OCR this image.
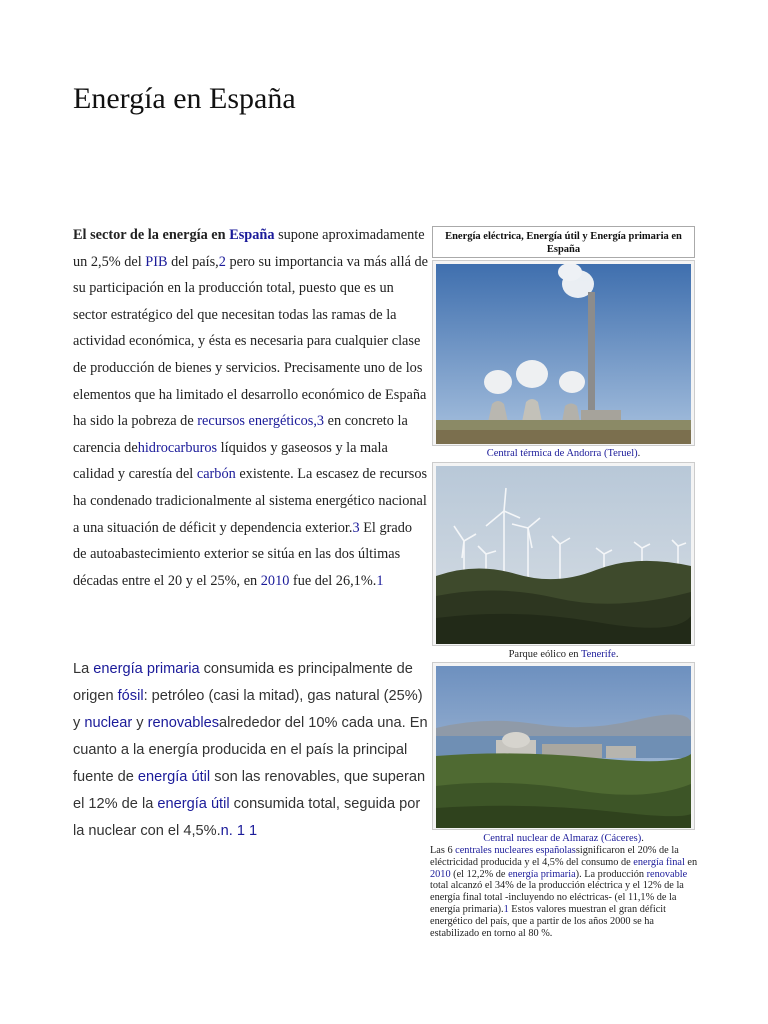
Energía en España

El sector de la energía en España supone aproximadamente un 2,5% del PIB del país,2 pero su importancia va más allá de su participación en la producción total, puesto que es un sector estratégico del que necesitan todas las ramas de la actividad económica, y ésta es necesaria para cualquier clase de producción de bienes y servicios. Precisamente uno de los elementos que ha limitado el desarrollo económico de España ha sido la pobreza de recursos energéticos,3 en concreto la carencia dehidrocarburos líquidos y gaseosos y la mala calidad y carestía del carbón existente. La escasez de recursos ha condenado tradicionalmente al sistema energético nacional a una situación de déficit y dependencia exterior.3 El grado de autoabastecimiento exterior se sitúa en las dos últimas décadas entre el 20 y el 25%, en 2010 fue del 26,1%.1

La energía primaria consumida es principalmente de origen fósil: petróleo (casi la mitad), gas natural (25%) y nuclear y renovablesalrededor del 10% cada una. En cuanto a la energía producida en el país la principal fuente de energía útil son las renovables, que superan el 12% de la energía útil consumida total, seguida por la nuclear con el 4,5%.n. 1 1

Energía eléctrica, Energía útil y Energía primaria en España
Central térmica de Andorra (Teruel).
Parque eólico en Tenerife.
Central nuclear de Almaraz (Cáceres).

Las 6 centrales nucleares españolassignificaron el 20% de la eléctricidad producida y el 4,5% del consumo de energía final en 2010 (el 12,2% de energía primaria). La producción renovable total alcanzó el 34% de la producción eléctrica y el 12% de la energía final total -incluyendo no eléctricas- (el 11,1% de la energía primaria).1 Estos valores muestran el gran déficit energético del país, que a partir de los años 2000 se ha estabilizado en torno al 80 %.
